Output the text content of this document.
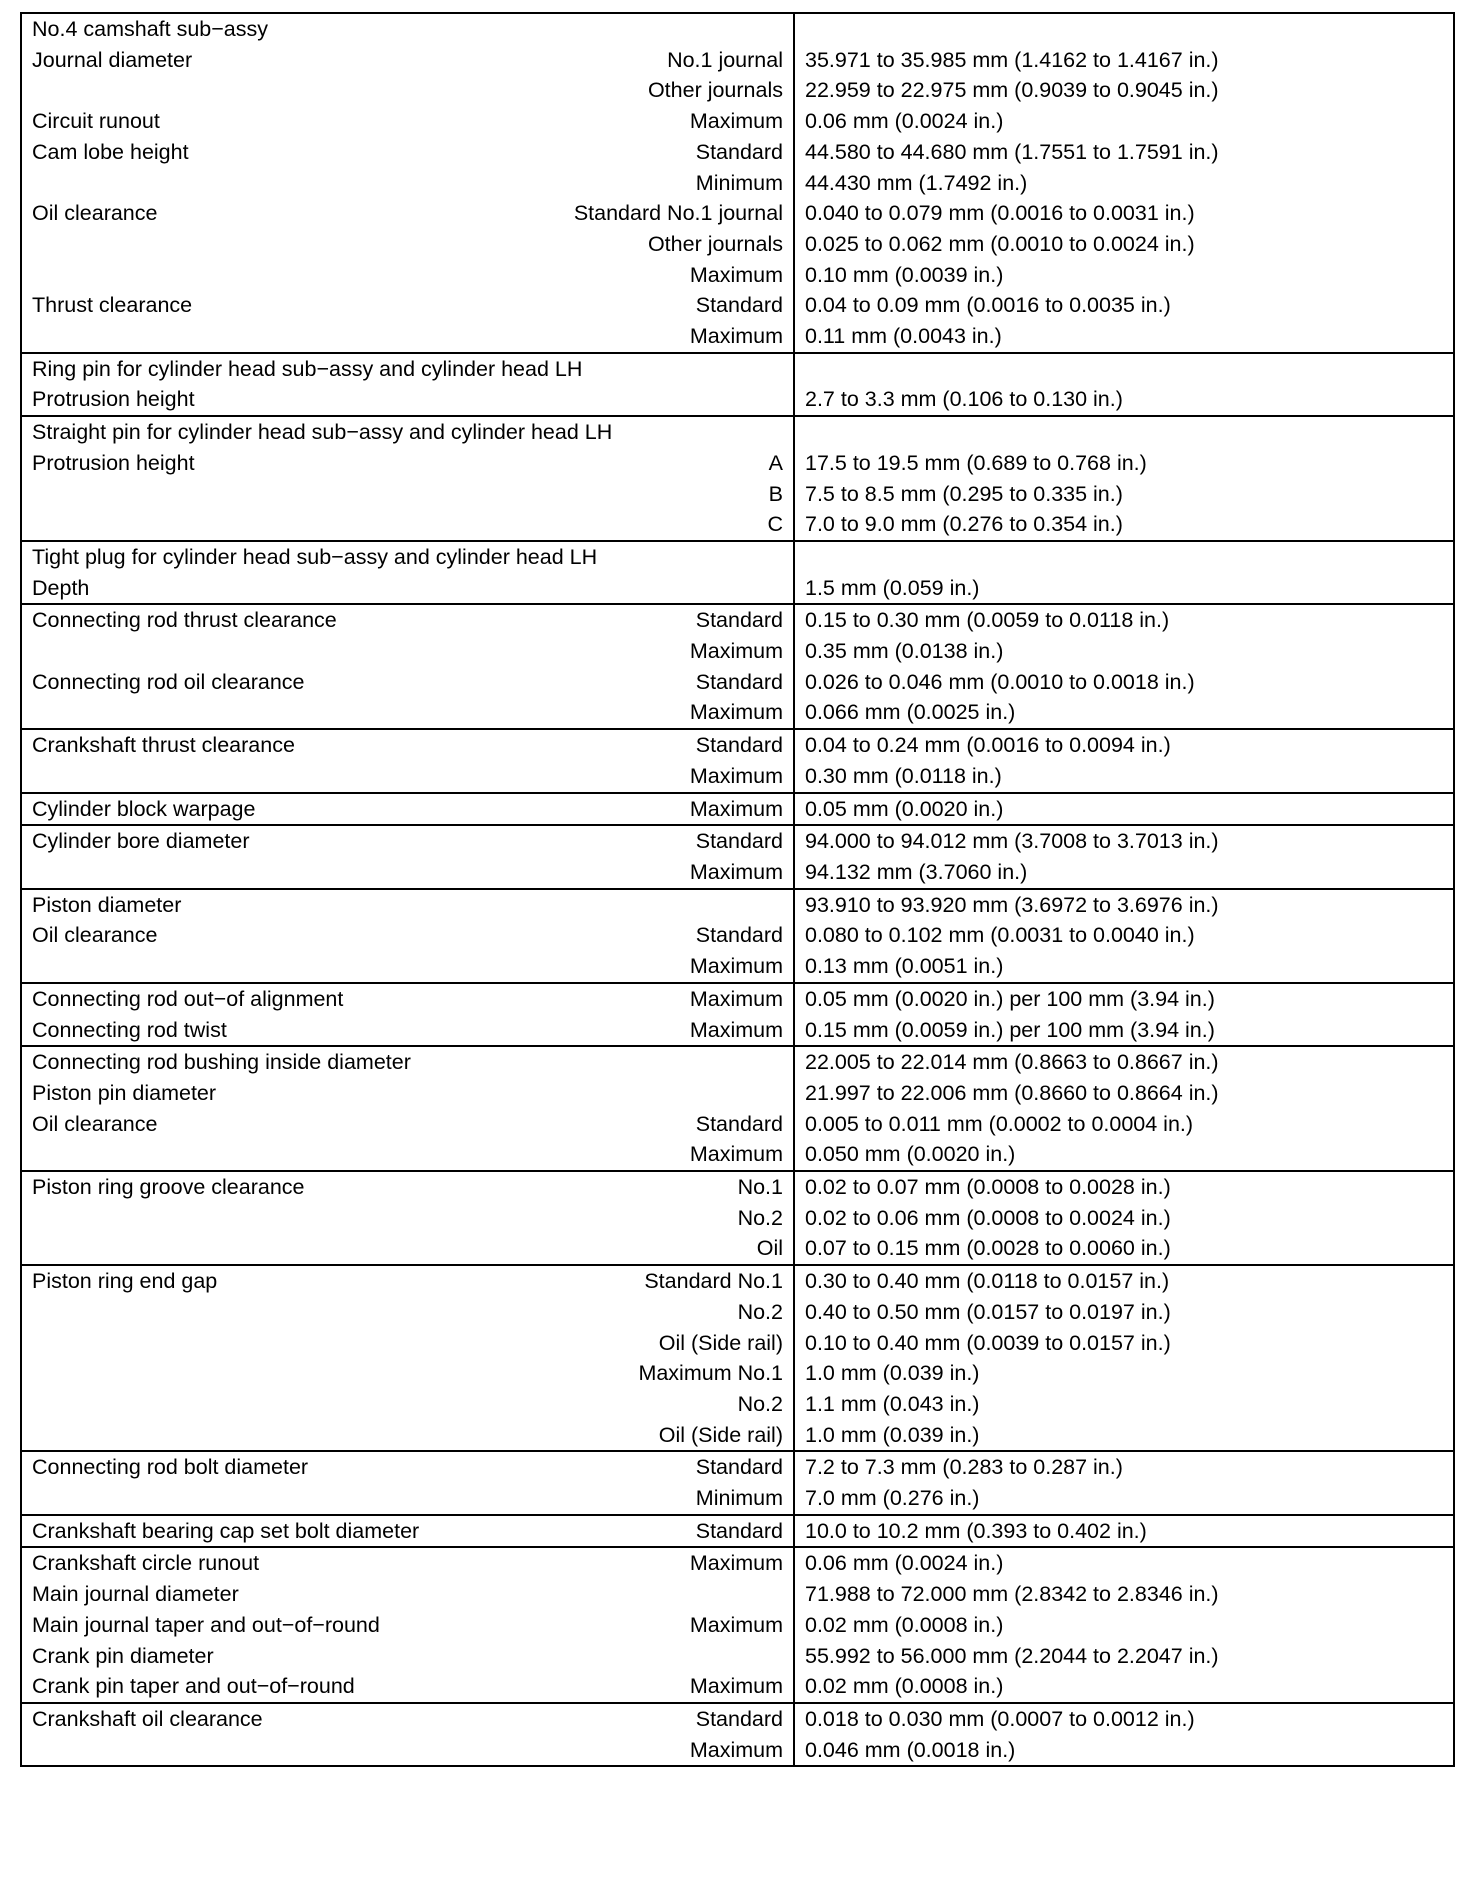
No.4 camshaft sub−assy	

Journal diameter No.1 journal	35.971 to 35.985 mm (1.4162 to 1.4167 in.)

Other journals	22.959 to 22.975 mm (0.9039 to 0.9045 in.)

Circuit runout Maximum	0.06 mm (0.0024 in.)

Cam lobe height Standard	44.580 to 44.680 mm (1.7551 to 1.7591 in.)

Minimum	44.430 mm (1.7492 in.)

Oil clearance Standard No.1 journal	0.040 to 0.079 mm (0.0016 to 0.0031 in.)

Other journals	0.025 to 0.062 mm (0.0010 to 0.0024 in.)

Maximum	0.10 mm (0.0039 in.)

Thrust clearance Standard	0.04 to 0.09 mm (0.0016 to 0.0035 in.)

Maximum	0.11 mm (0.0043 in.)

Ring pin for cylinder head sub−assy and cylinder head LH	

Protrusion height	2.7 to 3.3 mm (0.106 to 0.130 in.)

Straight pin for cylinder head sub−assy and cylinder head LH	

Protrusion height A	17.5 to 19.5 mm (0.689 to 0.768 in.)

B	7.5 to 8.5 mm (0.295 to 0.335 in.)

C	7.0 to 9.0 mm (0.276 to 0.354 in.)

Tight plug for cylinder head sub−assy and cylinder head LH	

Depth	1.5 mm (0.059 in.)

Connecting rod thrust clearance Standard	0.15 to 0.30 mm (0.0059 to 0.0118 in.)

Maximum	0.35 mm (0.0138 in.)

Connecting rod oil clearance Standard	0.026 to 0.046 mm (0.0010 to 0.0018 in.)

Maximum	0.066 mm (0.0025 in.)

Crankshaft thrust clearance Standard	0.04 to 0.24 mm (0.0016 to 0.0094 in.)

Maximum	0.30 mm (0.0118 in.)

Cylinder block warpage Maximum	0.05 mm (0.0020 in.)

Cylinder bore diameter Standard	94.000 to 94.012 mm (3.7008 to 3.7013 in.)

Maximum	94.132 mm (3.7060 in.)

Piston diameter	93.910 to 93.920 mm (3.6972 to 3.6976 in.)

Oil clearance Standard	0.080 to 0.102 mm (0.0031 to 0.0040 in.)

Maximum	0.13 mm (0.0051 in.)

Connecting rod out−of alignment Maximum	0.05 mm (0.0020 in.) per 100 mm (3.94 in.)

Connecting rod twist Maximum	0.15 mm (0.0059 in.) per 100 mm (3.94 in.)

Connecting rod bushing inside diameter	22.005 to 22.014 mm (0.8663 to 0.8667 in.)

Piston pin diameter	21.997 to 22.006 mm (0.8660 to 0.8664 in.)

Oil clearance Standard	0.005 to 0.011 mm (0.0002 to 0.0004 in.)

Maximum	0.050 mm (0.0020 in.)

Piston ring groove clearance No.1	0.02 to 0.07 mm (0.0008 to 0.0028 in.)

No.2	0.02 to 0.06 mm (0.0008 to 0.0024 in.)

Oil	0.07 to 0.15 mm (0.0028 to 0.0060 in.)

Piston ring end gap Standard No.1	0.30 to 0.40 mm (0.0118 to 0.0157 in.)

No.2	0.40 to 0.50 mm (0.0157 to 0.0197 in.)

Oil (Side rail)	0.10 to 0.40 mm (0.0039 to 0.0157 in.)

Maximum No.1	1.0 mm (0.039 in.)

No.2	1.1 mm (0.043 in.)

Oil (Side rail)	1.0 mm (0.039 in.)

Connecting rod bolt diameter Standard	7.2 to 7.3 mm (0.283 to 0.287 in.)

Minimum	7.0 mm (0.276 in.)

Crankshaft bearing cap set bolt diameter Standard	10.0 to 10.2 mm (0.393 to 0.402 in.)

Crankshaft circle runout Maximum	0.06 mm (0.0024 in.)

Main journal diameter	71.988 to 72.000 mm (2.8342 to 2.8346 in.)

Main journal taper and out−of−round Maximum	0.02 mm (0.0008 in.)

Crank pin diameter	55.992 to 56.000 mm (2.2044 to 2.2047 in.)

Crank pin taper and out−of−round Maximum	0.02 mm (0.0008 in.)

Crankshaft oil clearance Standard	0.018 to 0.030 mm (0.0007 to 0.0012 in.)

Maximum	0.046 mm (0.0018 in.)
